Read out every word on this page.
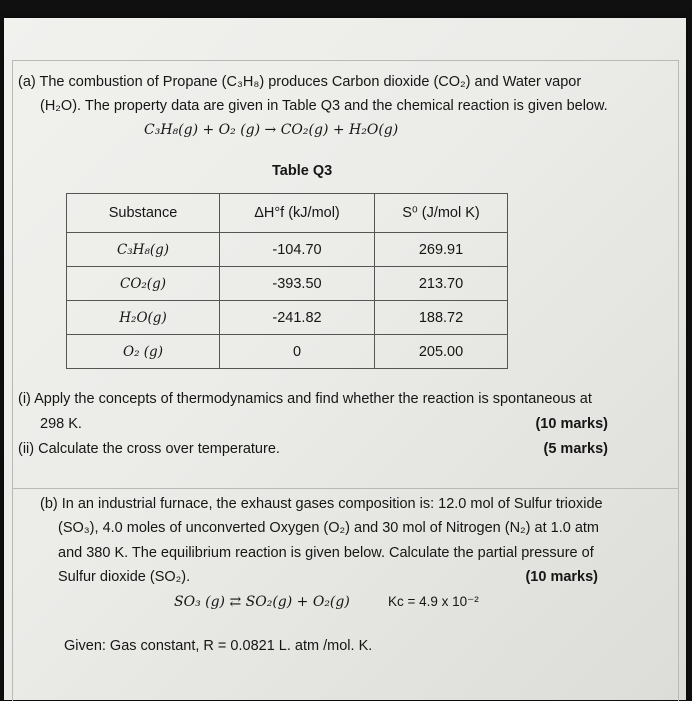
(a) The combustion of Propane (C₃H₈) produces Carbon dioxide (CO₂) and Water vapor
(H₂O). The property data are given in Table Q3 and the chemical reaction is given below.
C₃H₈(g) + O₂ (g) → CO₂(g) + H₂O(g)
Table Q3
Substance	ΔH°f (kJ/mol)	S⁰ (J/mol K)
C₃H₈(g)	-104.70	269.91
CO₂(g)	-393.50	213.70
H₂O(g)	-241.82	188.72
O₂ (g)	0	205.00
(i) Apply the concepts of thermodynamics and find whether the reaction is spontaneous at
298 K.	(10 marks)
(ii) Calculate the cross over temperature.	(5 marks)
(b) In an industrial furnace, the exhaust gases composition is: 12.0 mol of Sulfur trioxide
(SO₃), 4.0 moles of unconverted Oxygen (O₂) and 30 mol of Nitrogen (N₂) at 1.0 atm
and 380 K. The equilibrium reaction is given below. Calculate the partial pressure of
Sulfur dioxide (SO₂).	(10 marks)
SO₃ (g) ⇄ SO₂(g) + O₂(g)	Kc = 4.9 x 10⁻²
Given: Gas constant, R = 0.0821 L. atm /mol. K.
